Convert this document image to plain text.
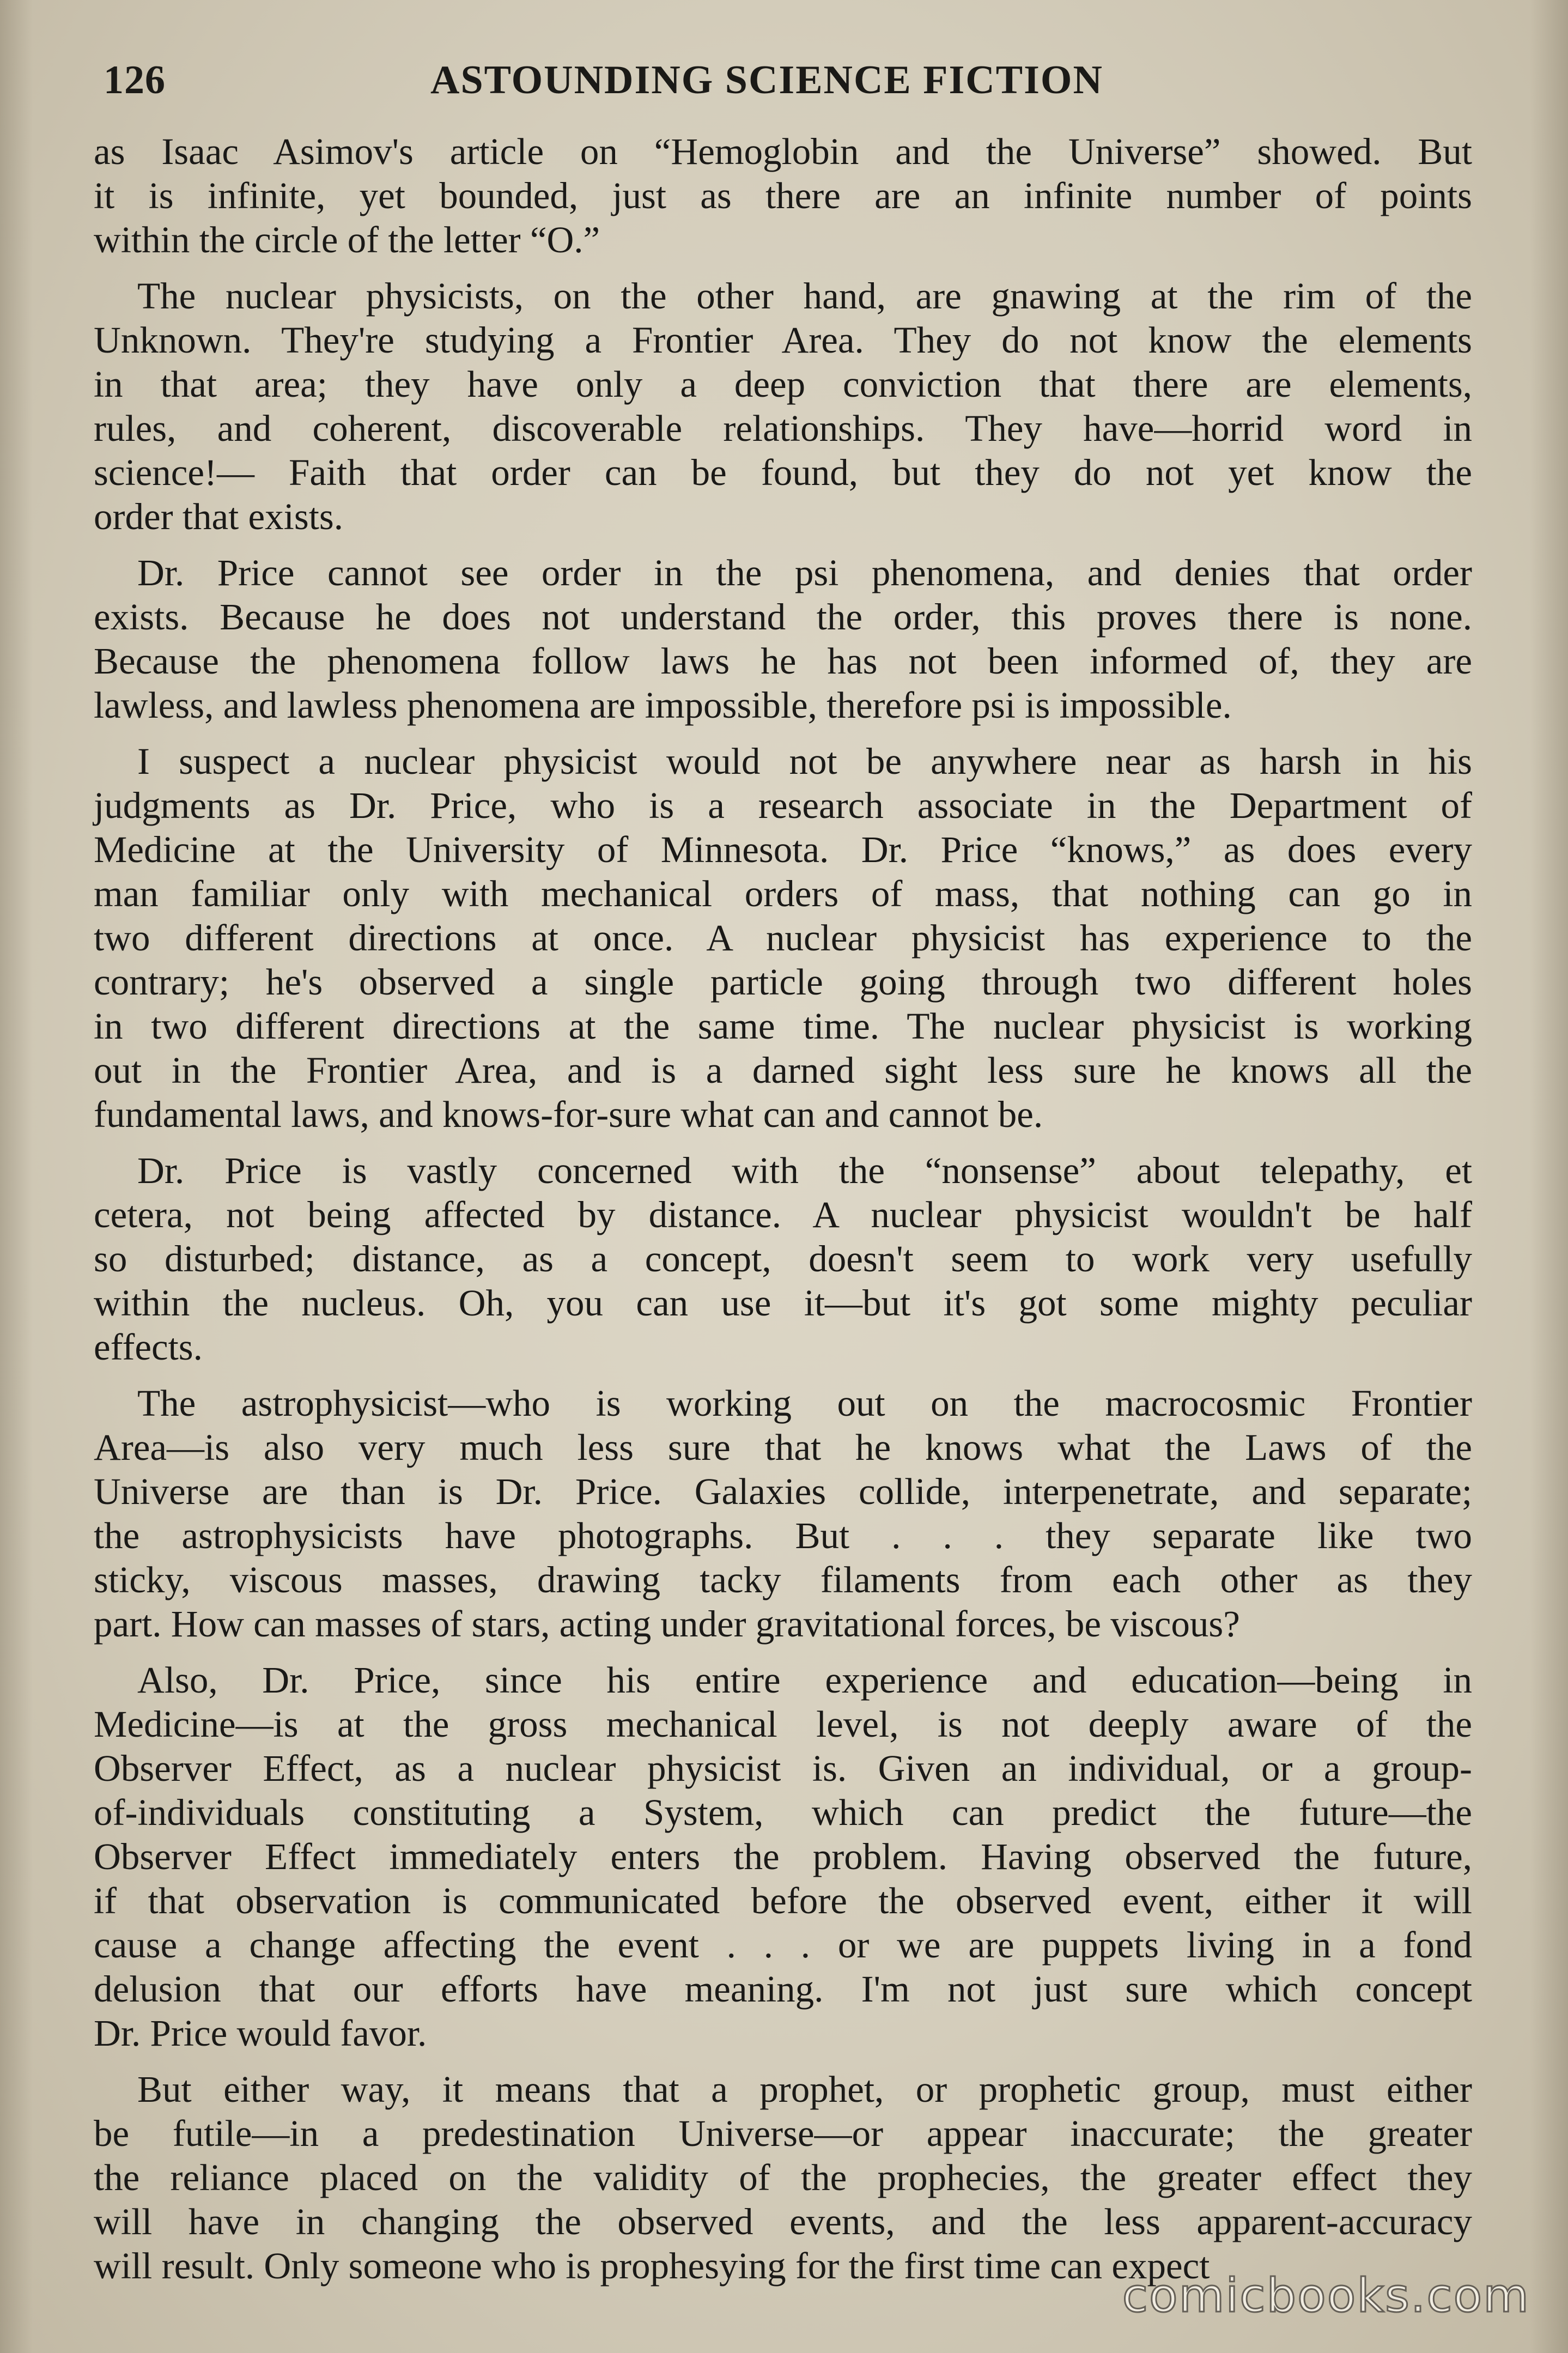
126	ASTOUNDING SCIENCE FICTION
as Isaac Asimov's article on “Hemoglobin and the Universe” showed. But
it is infinite, yet bounded, just as there are an infinite number of points
within the circle of the letter “O.”
The nuclear physicists, on the other hand, are gnawing at the rim of the
Unknown. They're studying a Frontier Area. They do not know the elements
in that area; they have only a deep conviction that there are elements,
rules, and coherent, discoverable relationships. They have—horrid word in
science!— Faith that order can be found, but they do not yet know the
order that exists.
Dr. Price cannot see order in the psi phenomena, and denies that order
exists. Because he does not understand the order, this proves there is none.
Because the phenomena follow laws he has not been informed of, they are
lawless, and lawless phenomena are impossible, therefore psi is impossible.
I suspect a nuclear physicist would not be anywhere near as harsh in his
judgments as Dr. Price, who is a research associate in the Department of
Medicine at the University of Minnesota. Dr. Price “knows,” as does every
man familiar only with mechanical orders of mass, that nothing can go in
two different directions at once. A nuclear physicist has experience to the
contrary; he's observed a single particle going through two different holes
in two different directions at the same time. The nuclear physicist is working
out in the Frontier Area, and is a darned sight less sure he knows all the
fundamental laws, and knows-for-sure what can and cannot be.
Dr. Price is vastly concerned with the “nonsense” about telepathy, et
cetera, not being affected by distance. A nuclear physicist wouldn't be half
so disturbed; distance, as a concept, doesn't seem to work very usefully
within the nucleus. Oh, you can use it—but it's got some mighty peculiar
effects.
The astrophysicist—who is working out on the macrocosmic Frontier
Area—is also very much less sure that he knows what the Laws of the
Universe are than is Dr. Price. Galaxies collide, interpenetrate, and separate;
the astrophysicists have photographs. But . . . they separate like two
sticky, viscous masses, drawing tacky filaments from each other as they
part. How can masses of stars, acting under gravitational forces, be viscous?
Also, Dr. Price, since his entire experience and education—being in
Medicine—is at the gross mechanical level, is not deeply aware of the
Observer Effect, as a nuclear physicist is. Given an individual, or a group-
of-individuals constituting a System, which can predict the future—the
Observer Effect immediately enters the problem. Having observed the future,
if that observation is communicated before the observed event, either it will
cause a change affecting the event . . . or we are puppets living in a fond
delusion that our efforts have meaning. I'm not just sure which concept
Dr. Price would favor.
But either way, it means that a prophet, or prophetic group, must either
be futile—in a predestination Universe—or appear inaccurate; the greater
the reliance placed on the validity of the prophecies, the greater effect they
will have in changing the observed events, and the less apparent-accuracy
will result. Only someone who is prophesying for the first time can expect
comicbooks.com
